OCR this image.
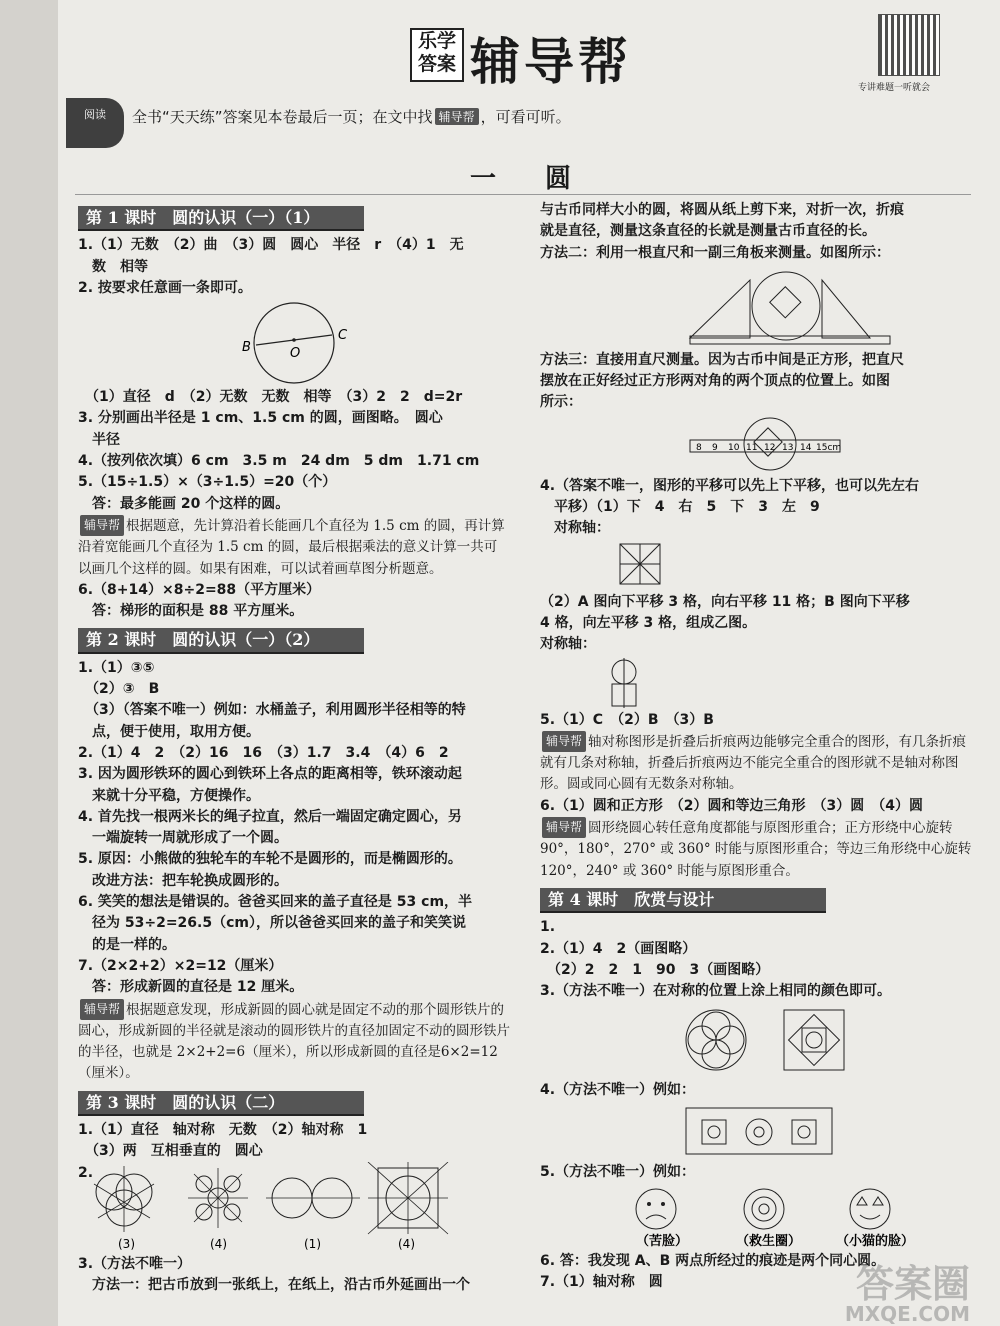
乐学
答案 辅导帮	专讲难题一听就会
阅读	全书“天天练”答案见本卷最后一页；在文中找 辅导帮 ，可看可听。
一 圆
第 1 课时　圆的认识（一）（1）
1.（1）无数　（2）曲　（3）圆　圆心　半径　r　（4）1　无
　数　相等
2. 按要求任意画一条即可。
B	O
C
　（1）直径　d　（2）无数　无数　相等　（3）2　2　d=2r
3. 分别画出半径是 1 cm、1.5 cm 的圆，画图略。　圆心
　半径
4.（按列依次填）6 cm　3.5 m　24 dm　5 dm　1.71 cm
5.（15÷1.5）×（3÷1.5）=20（个）
　答：最多能画 20 个这样的圆。
辅导帮 根据题意，先计算沿着长能画几个直径为 1.5 cm 的圆，再计算沿着宽能画几个直径为 1.5 cm 的圆，最后根据乘法的意义计算一共可以画几个这样的圆。如果有困难，可以试着画草图分析题意。
6.（8+14）×8÷2=88（平方厘米）
　答：梯形的面积是 88 平方厘米。
第 2 课时　圆的认识（一）（2）
1.（1）③⑤
　（2）③　B
　（3）（答案不唯一）例如：水桶盖子，利用圆形半径相等的特
　点，便于使用，取用方便。
2.（1）4　2　（2）16　16　（3）1.7　3.4　（4）6　2
3. 因为圆形铁环的圆心到铁环上各点的距离相等，铁环滚动起
　来就十分平稳，方便操作。
4. 首先找一根两米长的绳子拉直，然后一端固定确定圆心，另
　一端旋转一周就形成了一个圆。
5. 原因：小熊做的独轮车的车轮不是圆形的，而是椭圆形的。
　改进方法：把车轮换成圆形的。
6. 笑笑的想法是错误的。爸爸买回来的盖子直径是 53 cm，半
　径为 53÷2=26.5（cm），所以爸爸买回来的盖子和笑笑说
　的是一样的。
7.（2×2+2）×2=12（厘米）
　答：形成新圆的直径是 12 厘米。
辅导帮 根据题意发现，形成新圆的圆心就是固定不动的那个圆形铁片的圆心，形成新圆的半径就是滚动的圆形铁片的直径加固定不动的圆形铁片的半径，也就是 2×2+2=6（厘米），所以形成新圆的直径是6×2=12（厘米）。
第 3 课时　圆的认识（二）
1.（1）直径　轴对称　无数　（2）轴对称　1
　（3）两　互相垂直的　圆心
2.
(3)	(4)	(1)	(4)
3.（方法不唯一）
　方法一：把古币放到一张纸上，在纸上，沿古币外延画出一个
与古币同样大小的圆，将圆从纸上剪下来，对折一次，折痕
就是直径，测量这条直径的长就是测量古币直径的长。
方法二：利用一根直尺和一副三角板来测量。如图所示：
方法三：直接用直尺测量。因为古币中间是正方形，把直尺
摆放在正好经过正方形两对角的两个顶点的位置上。如图
所示：
8 9 10 11 12 13 14 15cm
4.（答案不唯一，图形的平移可以先上下平移，也可以先左右
　平移）（1）下　4　右　5　下　3　左　9
　对称轴：
（2）A 图向下平移 3 格，向右平移 11 格；B 图向下平移
4 格，向左平移 3 格，组成乙图。
对称轴：
5.（1）C　（2）B　（3）B
辅导帮 轴对称图形是折叠后折痕两边能够完全重合的图形，有几条折痕就有几条对称轴，折叠后折痕两边不能完全重合的图形就不是轴对称图形。圆或同心圆有无数条对称轴。
6.（1）圆和正方形　（2）圆和等边三角形　（3）圆　（4）圆
辅导帮 圆形绕圆心转任意角度都能与原图形重合；正方形绕中心旋转 90°，180°，270° 或 360° 时能与原图形重合；等边三角形绕中心旋转 120°，240° 或 360° 时能与原图形重合。
第 4 课时　欣赏与设计
1.
2.（1）4　2（画图略）
　（2）2　2　1　90　3（画图略）
3.（方法不唯一）在对称的位置上涂上相同的颜色即可。
4.（方法不唯一）例如：
5.（方法不唯一）例如：
（苦脸）	（救生圈）	（小猫的脸）
6. 答：我发现 A、B 两点所经过的痕迹是两个同心圆。
7.（1）轴对称　圆	答案圈
MXQE.COM
